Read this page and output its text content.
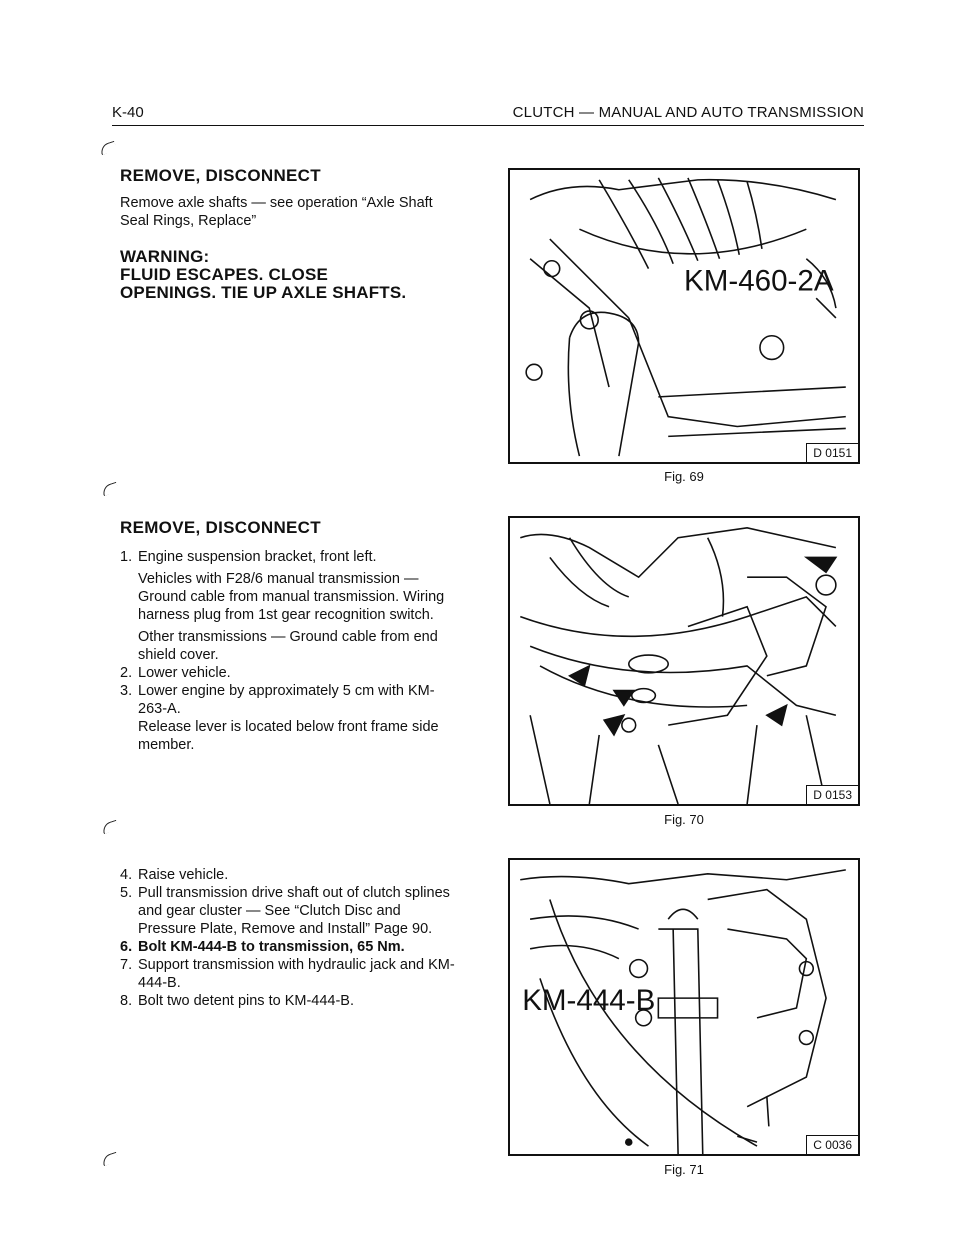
K-40	CLUTCH — MANUAL AND AUTO TRANSMISSION
REMOVE, DISCONNECT
Remove axle shafts — see operation “Axle Shaft Seal Rings, Replace”
WARNING:
FLUID ESCAPES. CLOSE
OPENINGS. TIE UP AXLE SHAFTS.
REMOVE, DISCONNECT
1. Engine suspension bracket, front left.
Vehicles with F28/6 manual transmission — Ground cable from manual transmission. Wiring harness plug from 1st gear recognition switch.
Other transmissions — Ground cable from end shield cover.
2. Lower vehicle.
3. Lower engine by approximately 5 cm with KM-263-A.
Release lever is located below front frame side member.
4. Raise vehicle.
5. Pull transmission drive shaft out of clutch splines and gear cluster — See “Clutch Disc and Pressure Plate, Remove and Install” Page 90.
6. Bolt KM-444-B to transmission, 65 Nm.
7. Support transmission with hydraulic jack and KM-444-B.
8. Bolt two detent pins to KM-444-B.
KM-460-2A
D 0151
Fig. 69
D 0153
Fig. 70
KM-444-B
C 0036
Fig. 71
